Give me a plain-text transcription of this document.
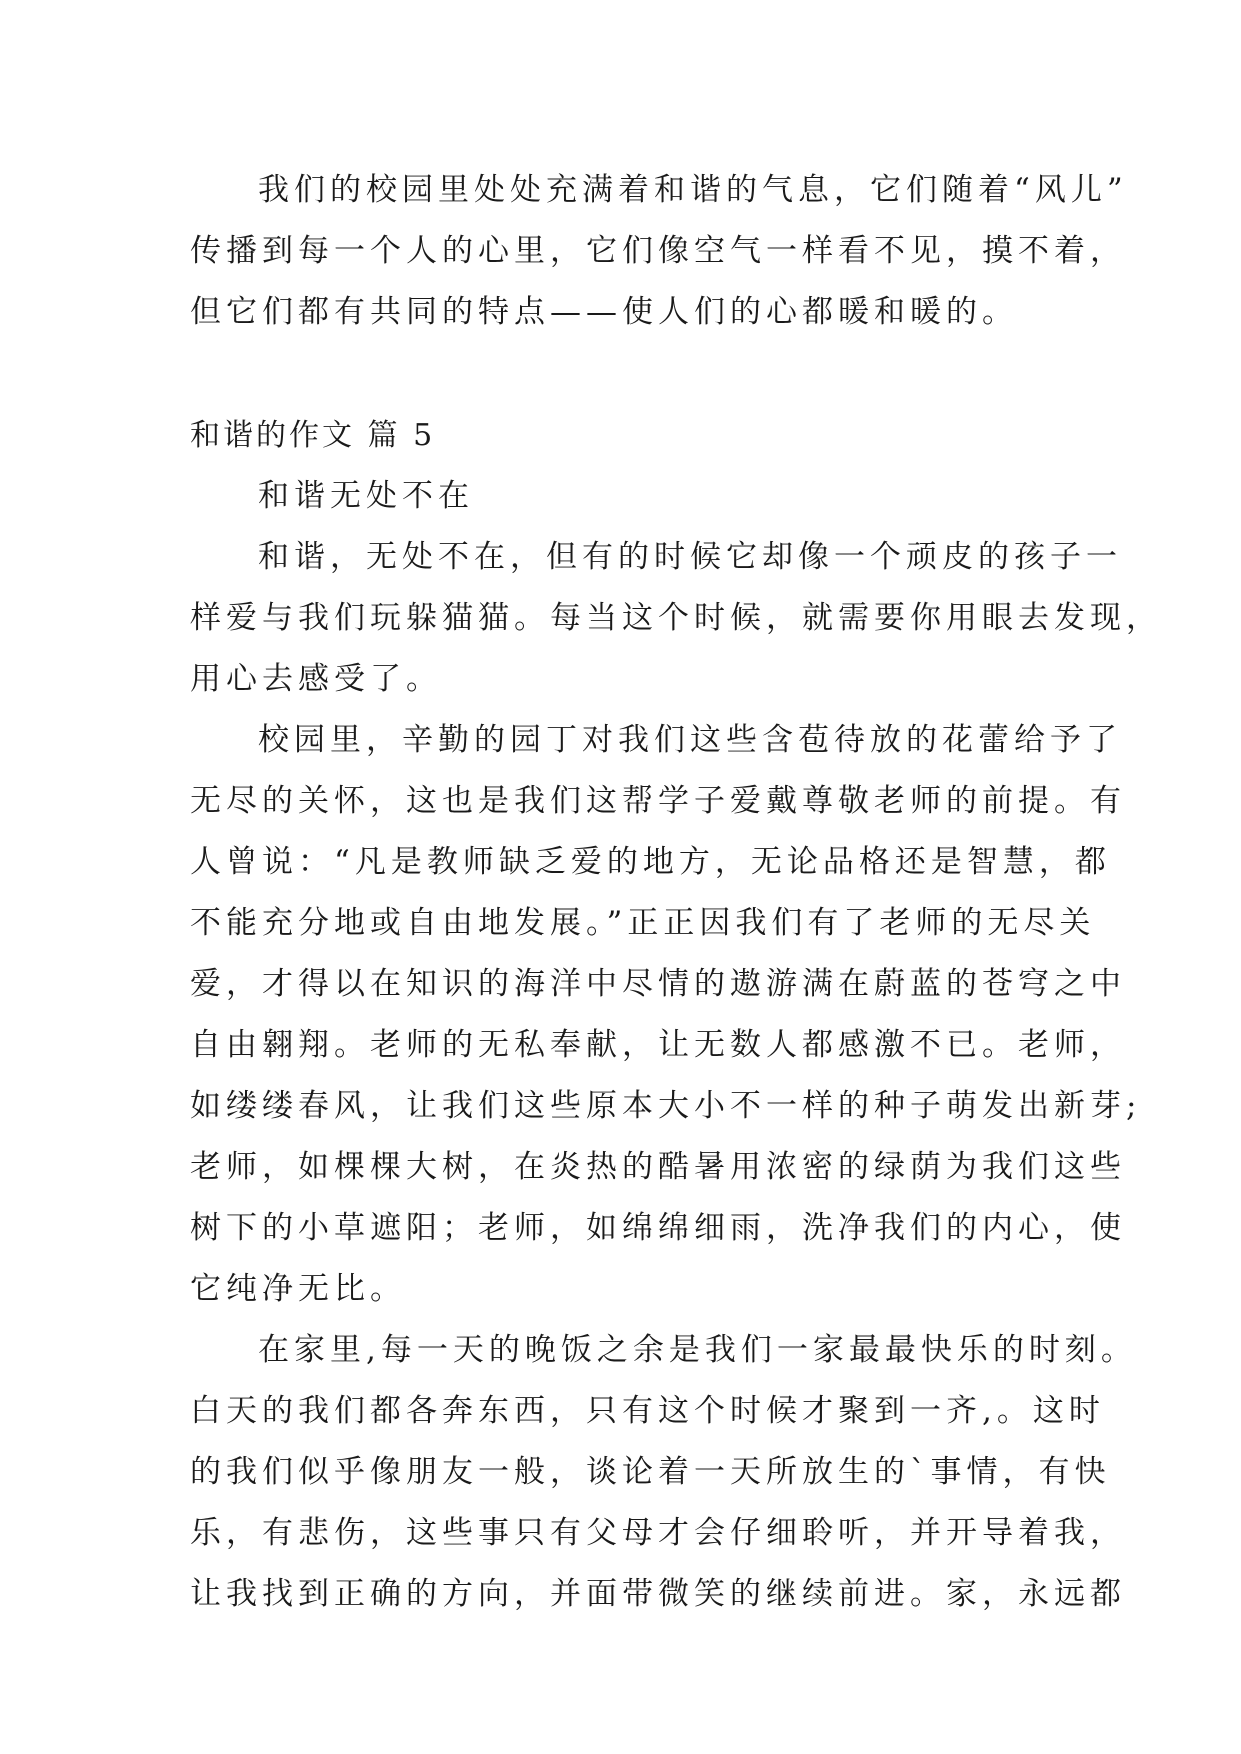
我们的校园里处处充满着和谐的气息，它们随着“风儿”
传播到每一个人的心里，它们像空气一样看不见，摸不着，
但它们都有共同的特点——使人们的心都暖和暖的。
和谐的作文 篇 5
和谐无处不在
和谐，无处不在，但有的时候它却像一个顽皮的孩子一
样爱与我们玩躲猫猫。每当这个时候，就需要你用眼去发现，
用心去感受了。
校园里，辛勤的园丁对我们这些含苞待放的花蕾给予了
无尽的关怀，这也是我们这帮学子爱戴尊敬老师的前提。有
人曾说：“凡是教师缺乏爱的地方，无论品格还是智慧，都
不能充分地或自由地发展。”正正因我们有了老师的无尽关
爱，才得以在知识的海洋中尽情的遨游满在蔚蓝的苍穹之中
自由翱翔。老师的无私奉献，让无数人都感激不已。老师，
如缕缕春风，让我们这些原本大小不一样的种子萌发出新芽;
老师，如棵棵大树，在炎热的酷暑用浓密的绿荫为我们这些
树下的小草遮阳；老师，如绵绵细雨，洗净我们的内心，使
它纯净无比。
在家里,每一天的晚饭之余是我们一家最最快乐的时刻。
白天的我们都各奔东西，只有这个时候才聚到一齐,。这时
的我们似乎像朋友一般，谈论着一天所放生的`事情，有快
乐，有悲伤，这些事只有父母才会仔细聆听，并开导着我，
让我找到正确的方向，并面带微笑的继续前进。家，永远都
